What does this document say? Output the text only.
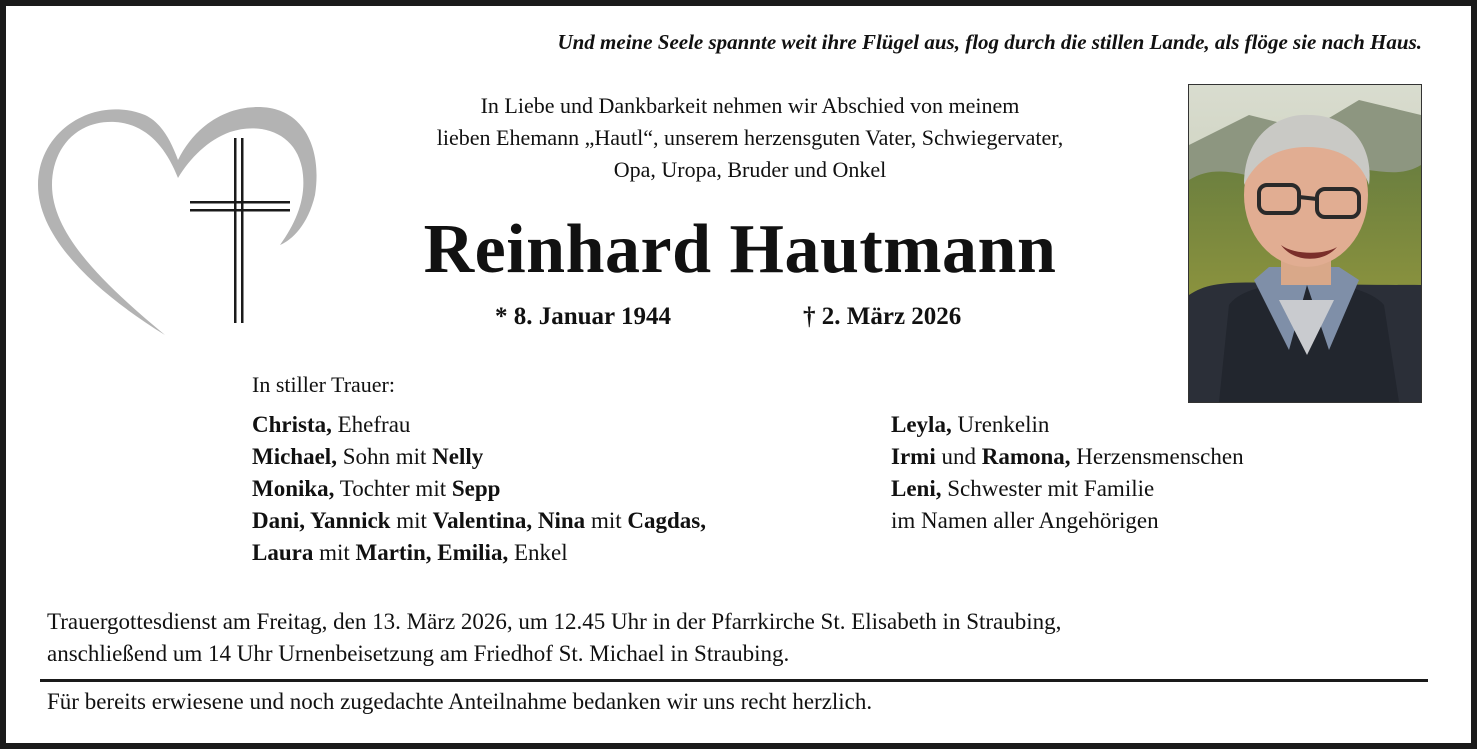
Und meine Seele spannte weit ihre Flügel aus, flog durch die stillen Lande, als flöge sie nach Haus.
In Liebe und Dankbarkeit nehmen wir Abschied von meinem
lieben Ehemann „Hautl“, unserem herzensguten Vater, Schwiegervater,
Opa, Uropa, Bruder und Onkel
Reinhard Hautmann
* 8. Januar 1944	† 2. März 2026
In stiller Trauer:
Christa, Ehefrau
Michael, Sohn mit Nelly
Monika, Tochter mit Sepp
Dani, Yannick mit Valentina, Nina mit Cagdas,
Laura mit Martin, Emilia, Enkel
Leyla, Urenkelin
Irmi und Ramona, Herzensmenschen
Leni, Schwester mit Familie
im Namen aller Angehörigen
Trauergottesdienst am Freitag, den 13. März 2026, um 12.45 Uhr in der Pfarrkirche St. Elisabeth in Straubing,
anschließend um 14 Uhr Urnenbeisetzung am Friedhof St. Michael in Straubing.
Für bereits erwiesene und noch zugedachte Anteilnahme bedanken wir uns recht herzlich.
